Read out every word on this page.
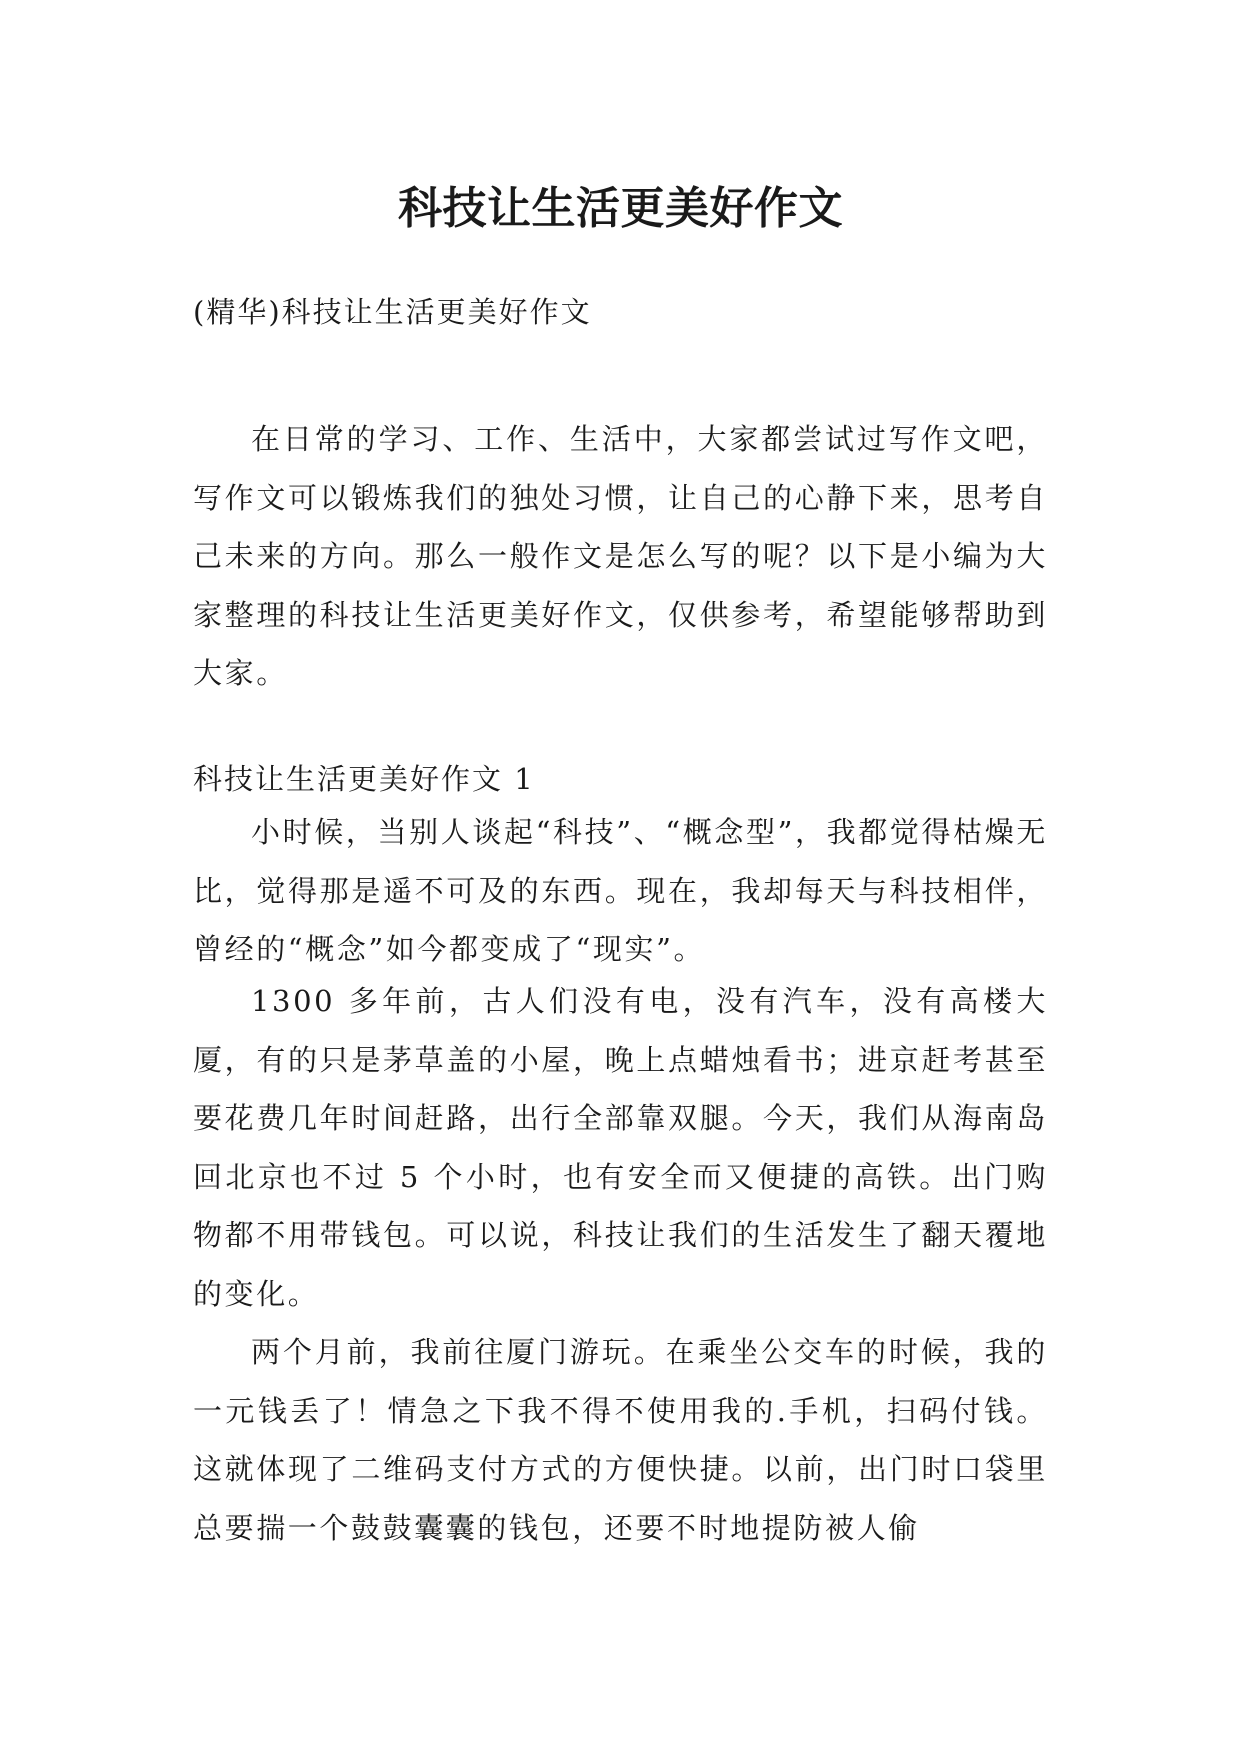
科技让生活更美好作文

(精华)科技让生活更美好作文

在日常的学习、工作、生活中，大家都尝试过写作文吧，写作文可以锻炼我们的独处习惯，让自己的心静下来，思考自己未来的方向。那么一般作文是怎么写的呢？以下是小编为大家整理的科技让生活更美好作文，仅供参考，希望能够帮助到大家。

科技让生活更美好作文 1

小时候，当别人谈起“科技”、“概念型”，我都觉得枯燥无比，觉得那是遥不可及的东西。现在，我却每天与科技相伴，曾经的“概念”如今都变成了“现实”。

1300 多年前，古人们没有电，没有汽车，没有高楼大厦，有的只是茅草盖的小屋，晚上点蜡烛看书；进京赶考甚至要花费几年时间赶路，出行全部靠双腿。今天，我们从海南岛回北京也不过 5 个小时，也有安全而又便捷的高铁。出门购物都不用带钱包。可以说，科技让我们的生活发生了翻天覆地的变化。

两个月前，我前往厦门游玩。在乘坐公交车的时候，我的一元钱丢了！情急之下我不得不使用我的.手机，扫码付钱。这就体现了二维码支付方式的方便快捷。以前，出门时口袋里总要揣一个鼓鼓囊囊的钱包，还要不时地提防被人偷
